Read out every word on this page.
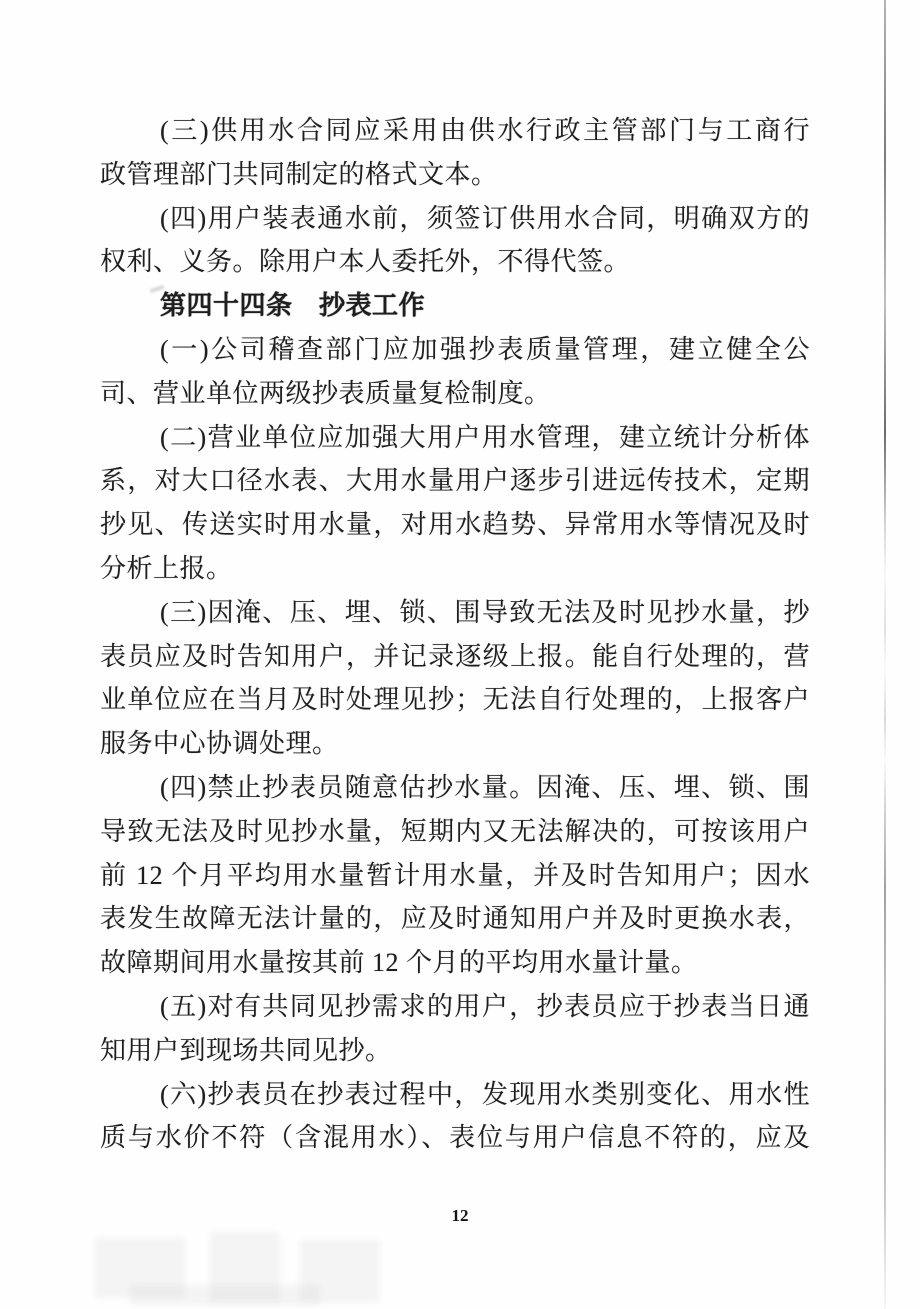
(三)供用水合同应采用由供水行政主管部门与工商行
政管理部门共同制定的格式文本。
(四)用户装表通水前，须签订供用水合同，明确双方的
权利、义务。除用户本人委托外，不得代签。
第四十四条　抄表工作
(一)公司稽查部门应加强抄表质量管理，建立健全公
司、营业单位两级抄表质量复检制度。
(二)营业单位应加强大用户用水管理，建立统计分析体
系，对大口径水表、大用水量用户逐步引进远传技术，定期
抄见、传送实时用水量，对用水趋势、异常用水等情况及时
分析上报。
(三)因淹、压、埋、锁、围导致无法及时见抄水量，抄
表员应及时告知用户，并记录逐级上报。能自行处理的，营
业单位应在当月及时处理见抄；无法自行处理的，上报客户
服务中心协调处理。
(四)禁止抄表员随意估抄水量。因淹、压、埋、锁、围
导致无法及时见抄水量，短期内又无法解决的，可按该用户
前 12 个月平均用水量暂计用水量，并及时告知用户；因水
表发生故障无法计量的，应及时通知用户并及时更换水表，
故障期间用水量按其前 12 个月的平均用水量计量。
(五)对有共同见抄需求的用户，抄表员应于抄表当日通
知用户到现场共同见抄。
(六)抄表员在抄表过程中，发现用水类别变化、用水性
质与水价不符（含混用水）、表位与用户信息不符的，应及
12
